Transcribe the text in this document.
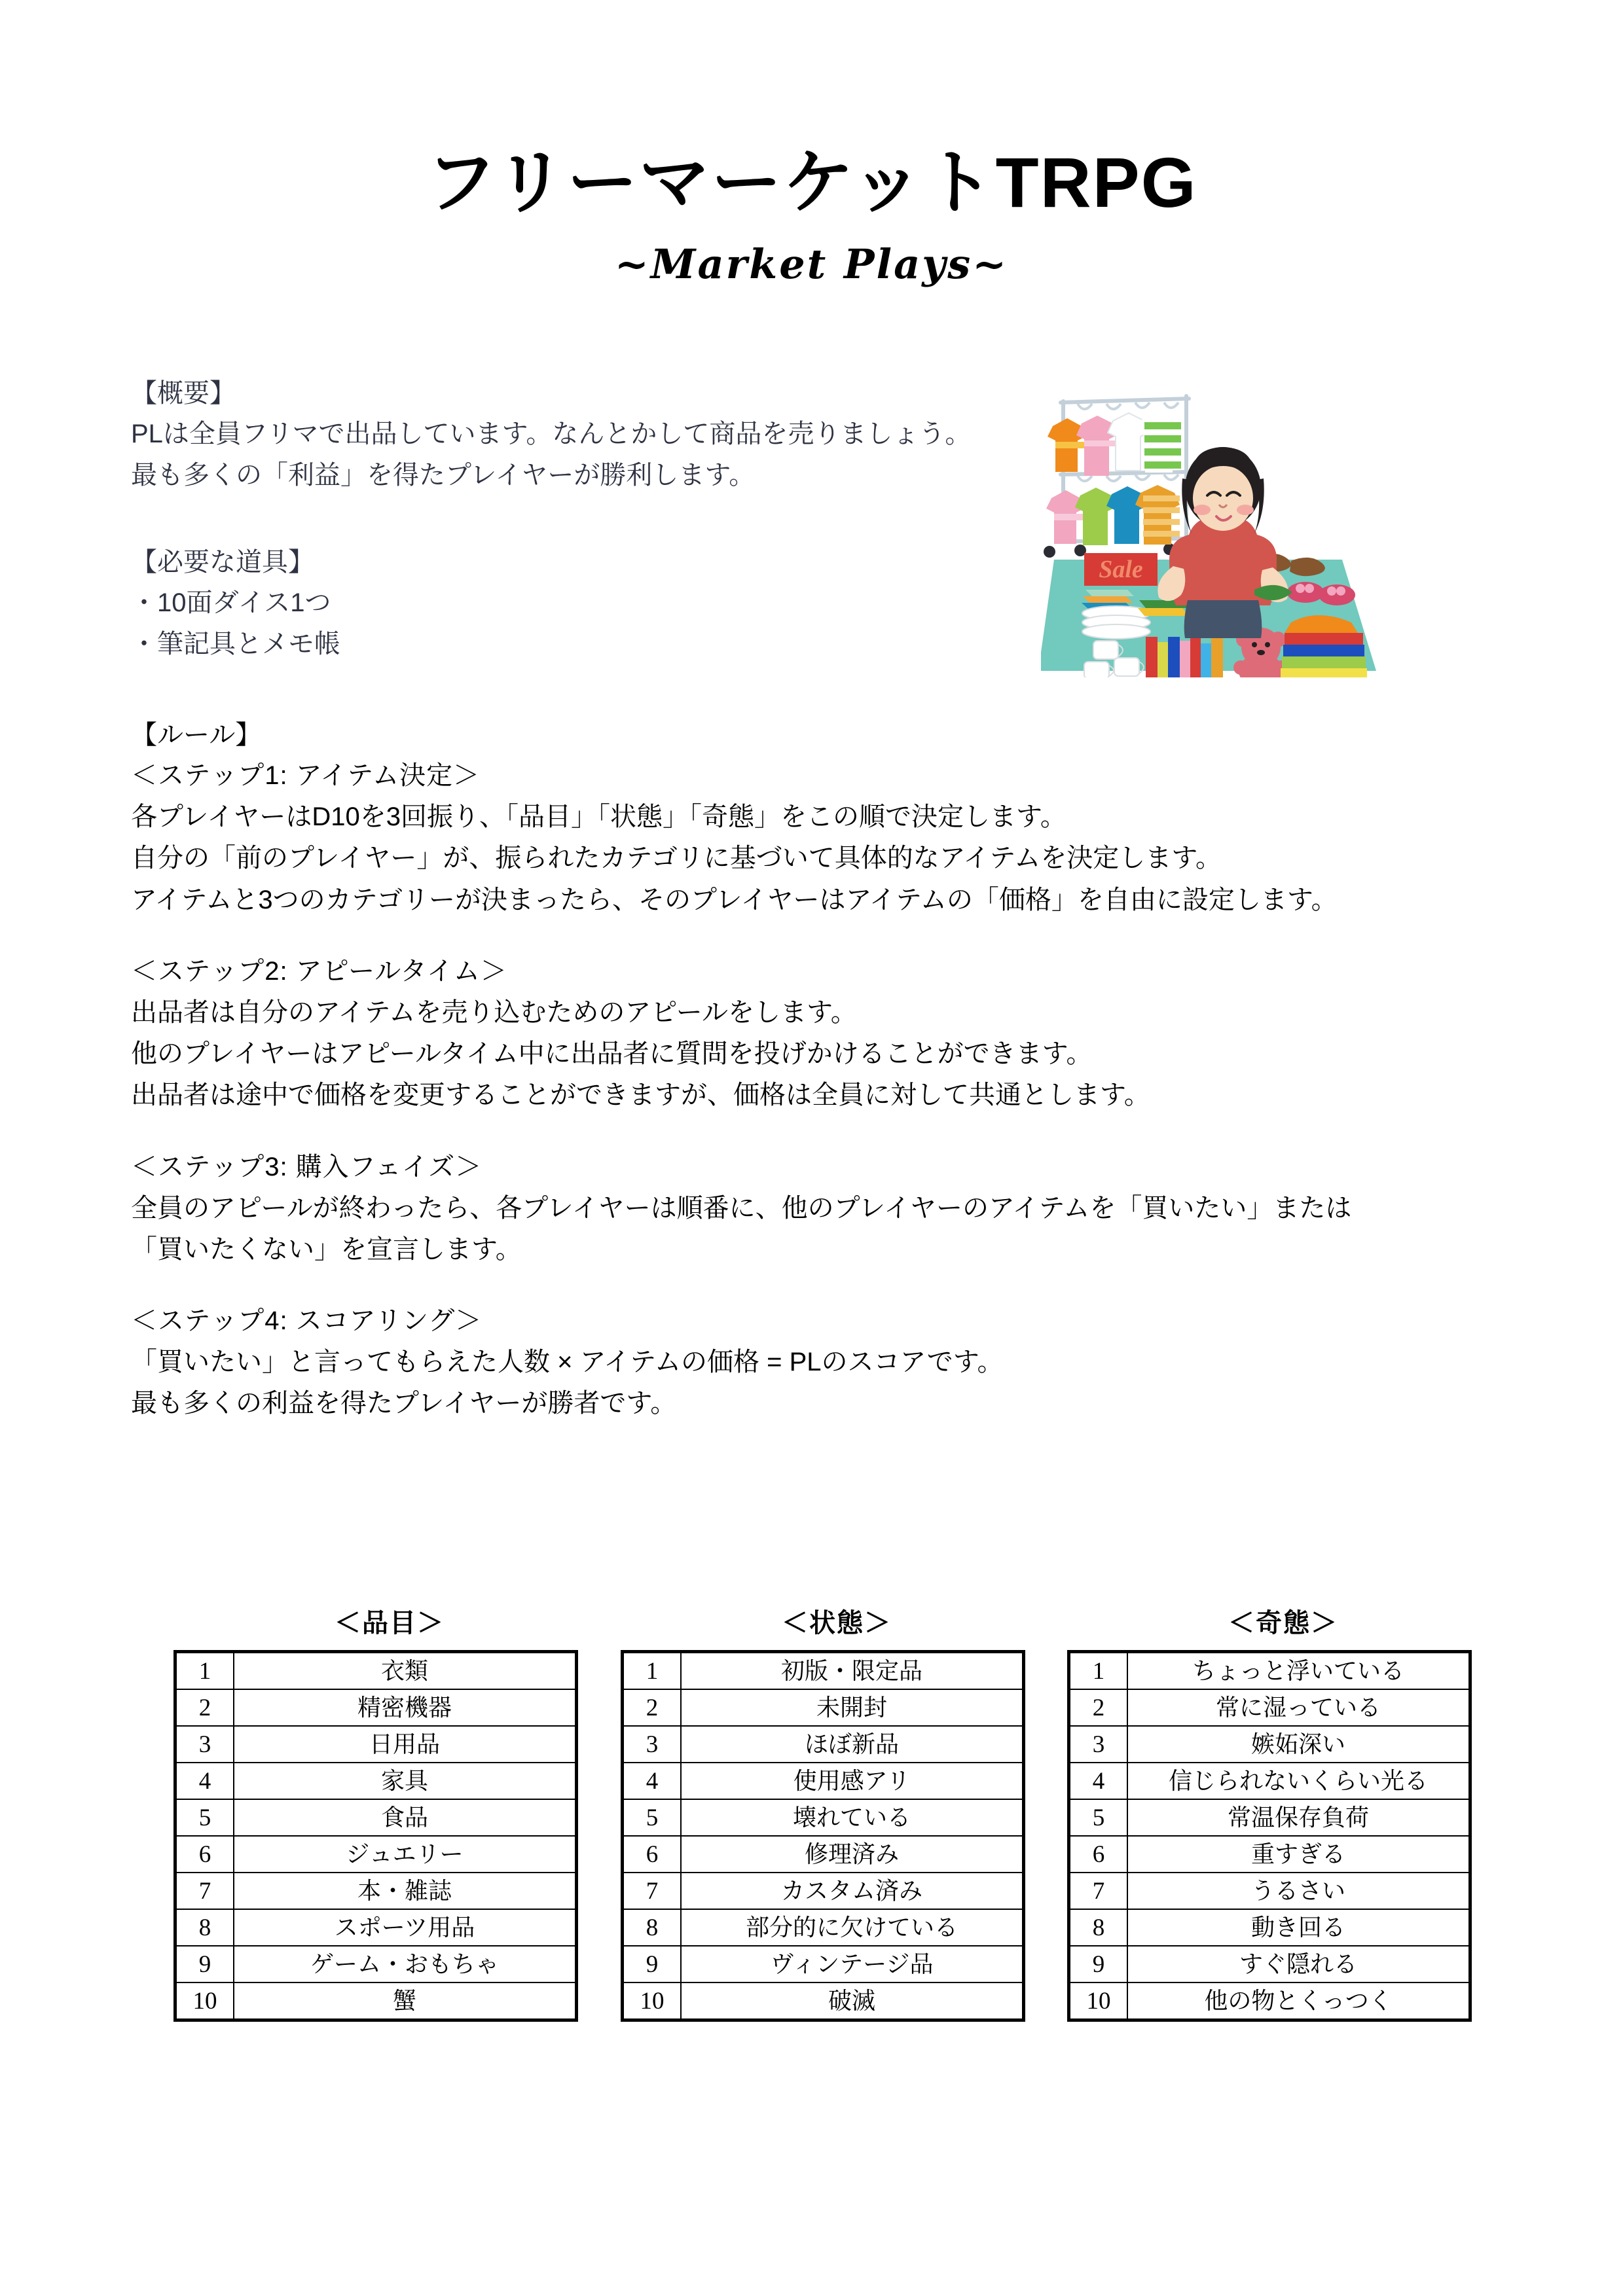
フリーマーケットTRPG
~Market Plays~
Sale
【概要】
PLは全員フリマで出品しています。なんとかして商品を売りましょう。
最も多くの「利益」を得たプレイヤーが勝利します。
【必要な道具】
・10面ダイス1つ
・筆記具とメモ帳
【ルール】
＜ステップ1: アイテム決定＞
各プレイヤーはD10を3回振り、「品目」「状態」「奇態」をこの順で決定します。
自分の「前のプレイヤー」が、振られたカテゴリに基づいて具体的なアイテムを決定します。
アイテムと3つのカテゴリーが決まったら、そのプレイヤーはアイテムの「価格」を自由に設定します。
＜ステップ2: アピールタイム＞
出品者は自分のアイテムを売り込むためのアピールをします。
他のプレイヤーはアピールタイム中に出品者に質問を投げかけることができます。
出品者は途中で価格を変更することができますが、価格は全員に対して共通とします。
＜ステップ3: 購入フェイズ＞
全員のアピールが終わったら、各プレイヤーは順番に、他のプレイヤーのアイテムを「買いたい」または
「買いたくない」を宣言します。
＜ステップ4: スコアリング＞
「買いたい」と言ってもらえた人数 × アイテムの価格 = PLのスコアです。
最も多くの利益を得たプレイヤーが勝者です。
＜品目＞
1	衣類
2	精密機器
3	日用品
4	家具
5	食品
6	ジュエリー
7	本・雑誌
8	スポーツ用品
9	ゲーム・おもちゃ
10	蟹
＜状態＞
1	初版・限定品
2	未開封
3	ほぼ新品
4	使用感アリ
5	壊れている
6	修理済み
7	カスタム済み
8	部分的に欠けている
9	ヴィンテージ品
10	破滅
＜奇態＞
1	ちょっと浮いている
2	常に湿っている
3	嫉妬深い
4	信じられないくらい光る
5	常温保存負荷
6	重すぎる
7	うるさい
8	動き回る
9	すぐ隠れる
10	他の物とくっつく
